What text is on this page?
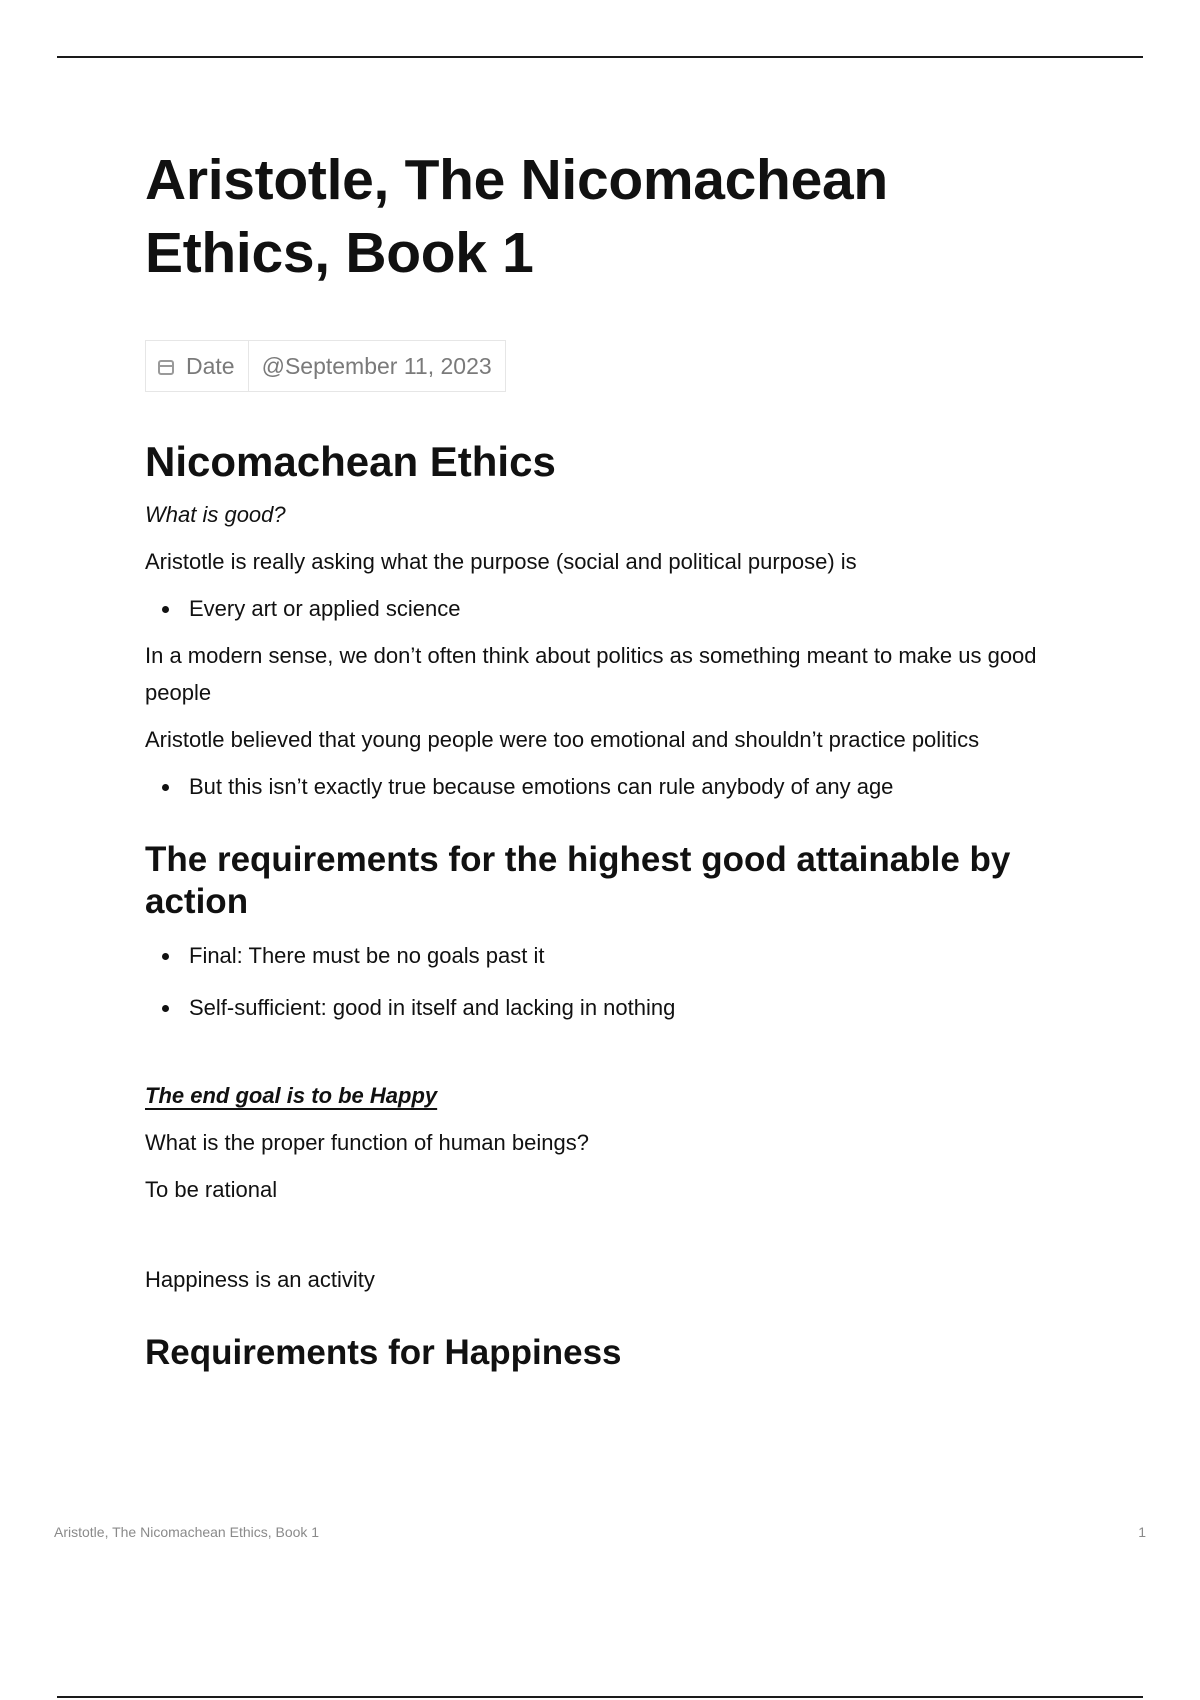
Aristotle, The Nicomachean Ethics, Book 1
Date	@September 11, 2023
Nicomachean Ethics

What is good?

Aristotle is really asking what the purpose (social and political purpose) is

Every art or applied science

In a modern sense, we don’t often think about politics as something meant to make us good people

Aristotle believed that young people were too emotional and shouldn’t practice politics

But this isn’t exactly true because emotions can rule anybody of any age
The requirements for the highest good attainable by action
Final: There must be no goals past it
Self-sufficient: good in itself and lacking in nothing

The end goal is to be Happy

What is the proper function of human beings?

To be rational

Happiness is an activity

Requirements for Happiness
Aristotle, The Nicomachean Ethics, Book 1	1
